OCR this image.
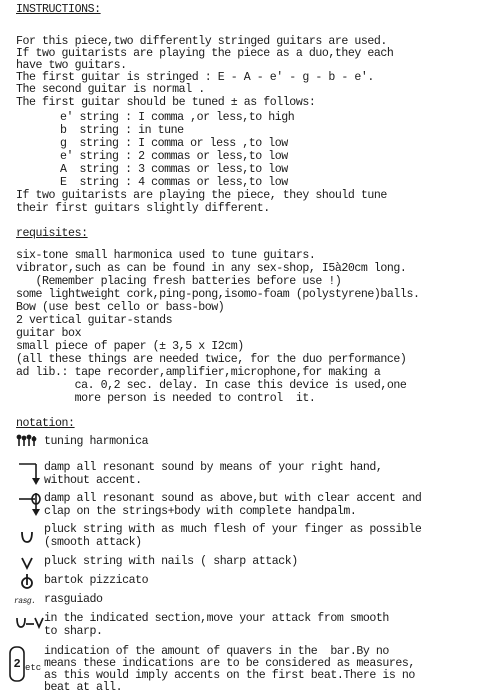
INSTRUCTIONS:
For this piece,two differently stringed guitars are used.
If two guitarists are playing the piece as a duo,they each
have two guitars.
The first guitar is stringed : E - A - e' - g - b - e'.
The second guitar is normal .
The first guitar should be tuned ± as follows:
e' string : I comma ,or less,to high
b  string : in tune
g  string : I comma or less ,to low
e' string : 2 commas or less,to low
A  string : 3 commas or less,to low
E  string : 4 commas or less,to low
If two guitarists are playing the piece, they should tune
their first guitars slightly different.
requisites:
six-tone small harmonica used to tune guitars.
vibrator,such as can be found in any sex-shop, I5à20cm long.
(Remember placing fresh batteries before use !)
some lightweight cork,ping-pong,isomo-foam (polystyrene)balls.
Bow (use best cello or bass-bow)
2 vertical guitar-stands
guitar box
small piece of paper (± 3,5 x I2cm)
(all these things are needed twice, for the duo performance)
ad lib.: tape recorder,amplifier,microphone,for making a
ca. 0,2 sec. delay. In case this device is used,one
more person is needed to control  it.
notation:
tuning harmonica
damp all resonant sound by means of your right hand,
without accent.
damp all resonant sound as above,but with clear accent and
clap on the strings+body with complete handpalm.
pluck string with as much flesh of your finger as possible
(smooth attack)
pluck string with nails ( sharp attack)
bartok pizzicato
rasg. rasguiado
in the indicated section,move your attack from smooth
to sharp.
2 etc
indication of the amount of quavers in the  bar.By no
means these indications are to be considered as measures,
as this would imply accents on the first beat.There is no
beat at all.
